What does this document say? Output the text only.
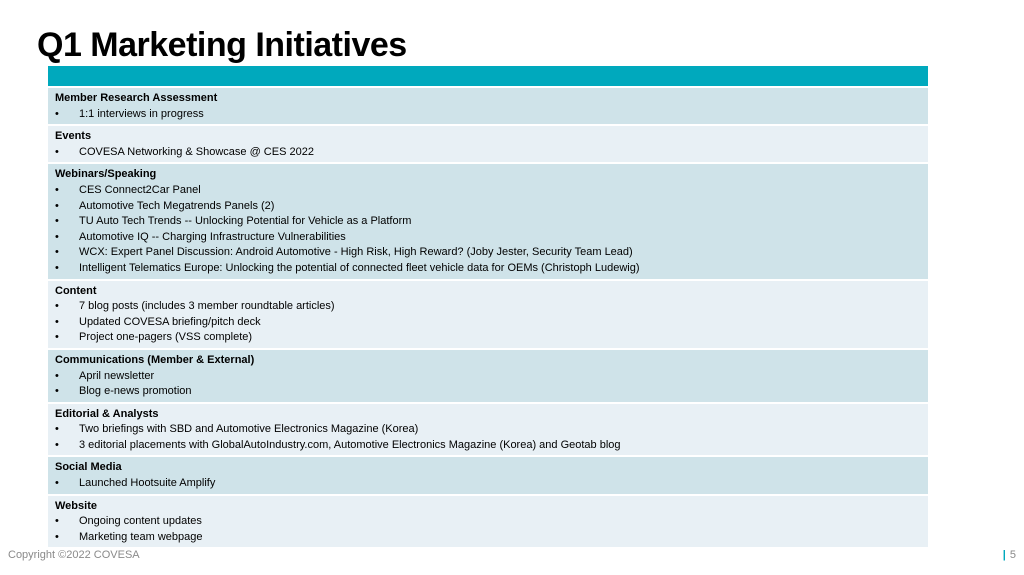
Q1 Marketing Initiatives
Member Research Assessment
• 1:1 interviews in progress
Events
• COVESA Networking & Showcase @ CES 2022
Webinars/Speaking
• CES Connect2Car Panel
• Automotive Tech Megatrends Panels (2)
• TU Auto Tech Trends -- Unlocking Potential for Vehicle as a Platform
• Automotive IQ -- Charging Infrastructure Vulnerabilities
• WCX: Expert Panel Discussion: Android Automotive - High Risk, High Reward? (Joby Jester, Security Team Lead)
• Intelligent Telematics Europe: Unlocking the potential of connected fleet vehicle data for OEMs (Christoph Ludewig)
Content
• 7 blog posts (includes 3 member roundtable articles)
• Updated COVESA briefing/pitch deck
• Project one-pagers (VSS complete)
Communications (Member & External)
• April newsletter
• Blog e-news promotion
Editorial & Analysts
• Two briefings with SBD and Automotive Electronics Magazine (Korea)
• 3 editorial placements with GlobalAutoIndustry.com, Automotive Electronics Magazine (Korea) and Geotab blog
Social Media
• Launched Hootsuite Amplify
Website
• Ongoing content updates
• Marketing team webpage
Copyright ©2022 COVESA	| 5
